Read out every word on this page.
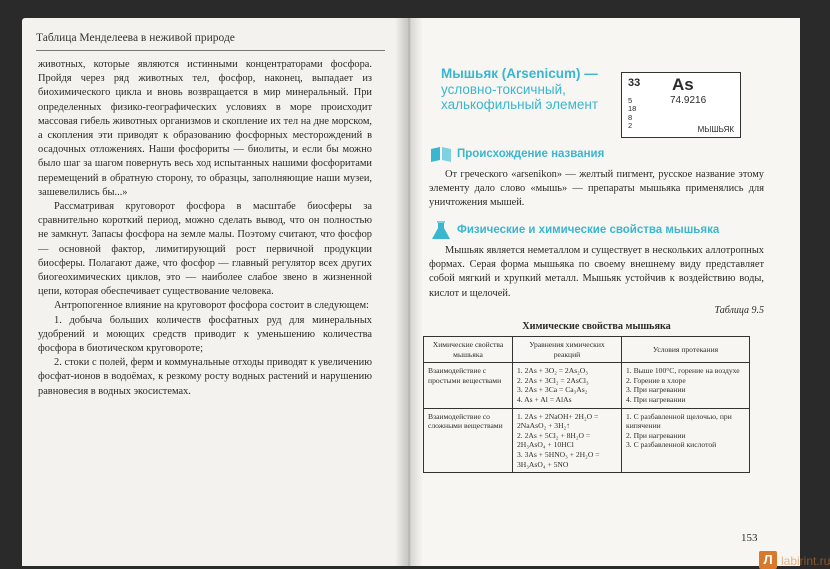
Таблица Менделеева в неживой природе

животных, которые являются истинными концентраторами фосфора. Пройдя через ряд животных тел, фосфор, наконец, выпадает из биохимического цикла и вновь возвращается в мир минеральный. При определенных физико-географических условиях в море происходит массовая гибель животных организмов и скопление их тел на дне морском, а скопления эти приводят к образованию фосфорных месторождений в осадочных отложениях. Наши фосфориты — биолиты, и если бы можно было шаг за шагом повернуть весь ход испытанных нашими фосфоритами перемещений в обратную сторону, то образцы, заполняющие наши музеи, зашевелились бы...»

Рассматривая круговорот фосфора в масштабе биосферы за сравнительно короткий период, можно сделать вывод, что он полностью не замкнут. Запасы фосфора на земле малы. Поэтому считают, что фосфор — основной фактор, лимитирующий рост первичной продукции биосферы. Полагают даже, что фосфор — главный регулятор всех других биогеохимических циклов, это — наиболее слабое звено в жизненной цепи, которая обеспечивает существование человека.

Антропогенное влияние на круговорот фосфора состоит в следующем:

1. добыча больших количеств фосфатных руд для минеральных удобрений и моющих средств приводит к уменьшению количества фосфора в биотическом круговороте;

2. стоки с полей, ферм и коммунальные отходы приводят к увеличению фосфат-ионов в водоёмах, к резкому росту водных растений и нарушению равновесия в водных экосистемах.

Мышьяк (Arsenicum) —
условно-токсичный,
халькофильный элемент
33 As
74.9216
5
18
8
2	МЫШЬЯК
Происхождение названия

От греческого «arsenikon» — желтый пигмент, русское название этому элементу дало слово «мышь» — препараты мышьяка применялись для уничтожения мышей.

Физические и химические свойства мышьяка

Мышьяк является неметаллом и существует в нескольких аллотропных формах. Серая форма мышьяка по своему внешнему виду представляет собой мягкий и хрупкий металл. Мышьяк устойчив к воздействию воды, кислот и щелочей.

Таблица 9.5
Химические свойства мышьяка
Химические свойства мышьяка	Уравнения химических реакций	Условия протекания
Взаимодействие с простыми веществами	1. 2As + 3O₂ = 2As₂O₃
2. 2As + 3Cl₂ = 2AsCl₃
3. 2As + 3Ca = Ca₃As₂
4. As + Al = AlAs	1. Выше 100°C, горение на воздухе
2. Горение в хлоре
3. При нагревании
4. При нагревании

Взаимодействие со сложными веществами	1. 2As + 2NaOH+ 2H₂O = 2NaAsO₂ + 3H₂↑
2. 2As + 5Cl₂ + 8H₂O = 2H₃AsO₄ + 10HCl
3. 3As + 5HNO₃ + 2H₂O = 3H₃AsO₄ + 5NO	1. С разбавленной щелочью, при кипячении
2. При нагревании
3. С разбавленной кислотой
153
Л labirint.ru
